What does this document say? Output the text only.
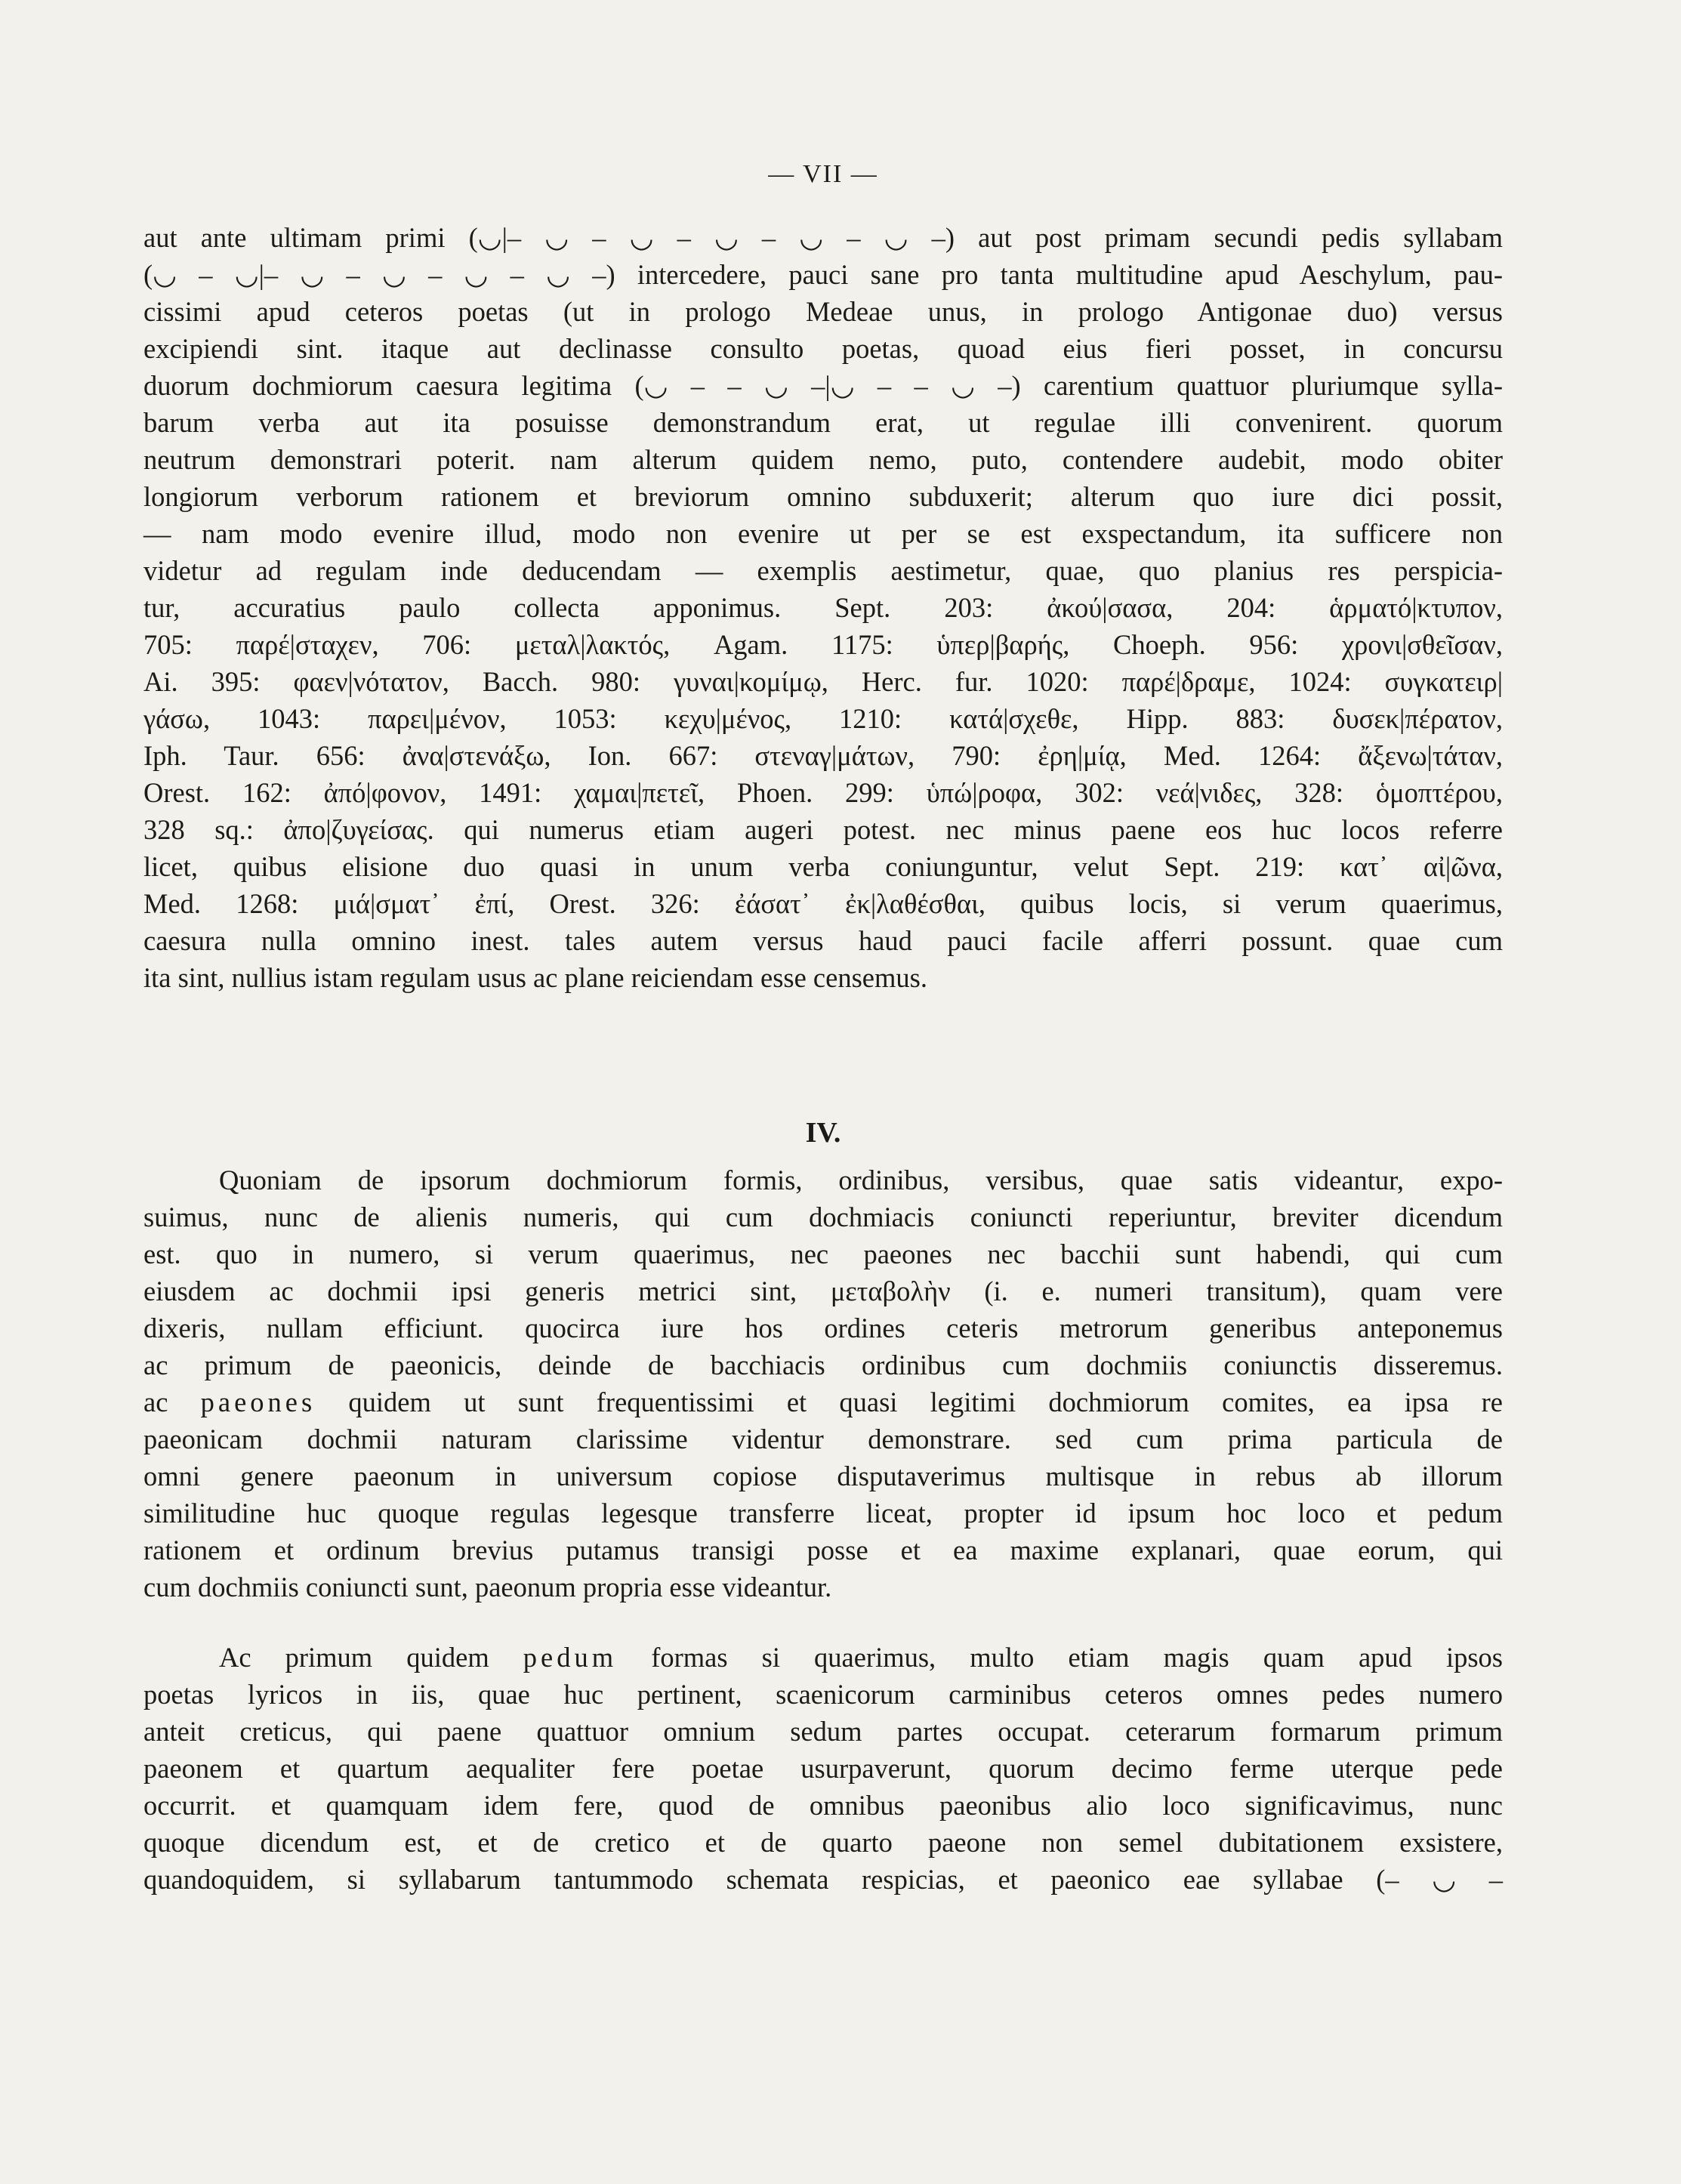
— VII —

aut ante ultimam primi (◡|– ◡ – ◡ – ◡ – ◡ – ◡ –) aut post primam secundi pedis syllabam

(◡ – ◡|– ◡ – ◡ – ◡ – ◡ –) intercedere, pauci sane pro tanta multitudine apud Aeschylum, pau-

cissimi apud ceteros poetas (ut in prologo Medeae unus, in prologo Antigonae duo) versus

excipiendi sint. itaque aut declinasse consulto poetas, quoad eius fieri posset, in concursu

duorum dochmiorum caesura legitima (◡ – – ◡ –|◡ – – ◡ –) carentium quattuor pluriumque sylla-

barum verba aut ita posuisse demonstrandum erat, ut regulae illi convenirent. quorum

neutrum demonstrari poterit. nam alterum quidem nemo, puto, contendere audebit, modo obiter

longiorum verborum rationem et breviorum omnino subduxerit; alterum quo iure dici possit,

— nam modo evenire illud, modo non evenire ut per se est exspectandum, ita sufficere non

videtur ad regulam inde deducendam — exemplis aestimetur, quae, quo planius res perspicia-

tur, accuratius paulo collecta apponimus. Sept. 203: ἀκού|σασα, 204: ἁρματό|κτυπον,

705: παρέ|σταχεν, 706: μεταλ|λακτός, Agam. 1175: ὑπερ|βαρής, Choeph. 956: χρονι|σθεῖσαν,

Ai. 395: φαεν|νότατον, Bacch. 980: γυναι|κομίμῳ, Herc. fur. 1020: παρέ|δραμε, 1024: συγκατειρ|

γάσω, 1043: παρει|μένον, 1053: κεχυ|μένος, 1210: κατά|σχεθε, Hipp. 883: δυσεκ|πέρατον,

Iph. Taur. 656: ἀνα|στενάξω, Ion. 667: στεναγ|μάτων, 790: ἐρη|μίᾳ, Med. 1264: ἄξενω|τάταν,

Orest. 162: ἀπό|φονον, 1491: χαμαι|πετεῖ, Phoen. 299: ὑπώ|ροφα, 302: νεά|νιδες, 328: ὁμοπτέρου,

328 sq.: ἀπο|ζυγείσας. qui numerus etiam augeri potest. nec minus paene eos huc locos referre

licet, quibus elisione duo quasi in unum verba coniunguntur, velut Sept. 219: κατ᾽ αἰ|ῶνα,

Med. 1268: μιά|σματ᾽ ἐπί, Orest. 326: ἐάσατ᾽ ἐκ|λαθέσθαι, quibus locis, si verum quaerimus,

caesura nulla omnino inest. tales autem versus haud pauci facile afferri possunt. quae cum

ita sint, nullius istam regulam usus ac plane reiciendam esse censemus.

IV.

Quoniam de ipsorum dochmiorum formis, ordinibus, versibus, quae satis videantur, expo-

suimus, nunc de alienis numeris, qui cum dochmiacis coniuncti reperiuntur, breviter dicendum

est. quo in numero, si verum quaerimus, nec paeones nec bacchii sunt habendi, qui cum

eiusdem ac dochmii ipsi generis metrici sint, μεταβολὴν (i. e. numeri transitum), quam vere

dixeris, nullam efficiunt. quocirca iure hos ordines ceteris metrorum generibus anteponemus

ac primum de paeonicis, deinde de bacchiacis ordinibus cum dochmiis coniunctis disseremus.

ac paeones quidem ut sunt frequentissimi et quasi legitimi dochmiorum comites, ea ipsa re

paeonicam dochmii naturam clarissime videntur demonstrare. sed cum prima particula de

omni genere paeonum in universum copiose disputaverimus multisque in rebus ab illorum

similitudine huc quoque regulas legesque transferre liceat, propter id ipsum hoc loco et pedum

rationem et ordinum brevius putamus transigi posse et ea maxime explanari, quae eorum, qui

cum dochmiis coniuncti sunt, paeonum propria esse videantur.

Ac primum quidem pedum formas si quaerimus, multo etiam magis quam apud ipsos

poetas lyricos in iis, quae huc pertinent, scaenicorum carminibus ceteros omnes pedes numero

anteit creticus, qui paene quattuor omnium sedum partes occupat. ceterarum formarum primum

paeonem et quartum aequaliter fere poetae usurpaverunt, quorum decimo ferme uterque pede

occurrit. et quamquam idem fere, quod de omnibus paeonibus alio loco significavimus, nunc

quoque dicendum est, et de cretico et de quarto paeone non semel dubitationem exsistere,

quandoquidem, si syllabarum tantummodo schemata respicias, et paeonico eae syllabae (– ◡ –
